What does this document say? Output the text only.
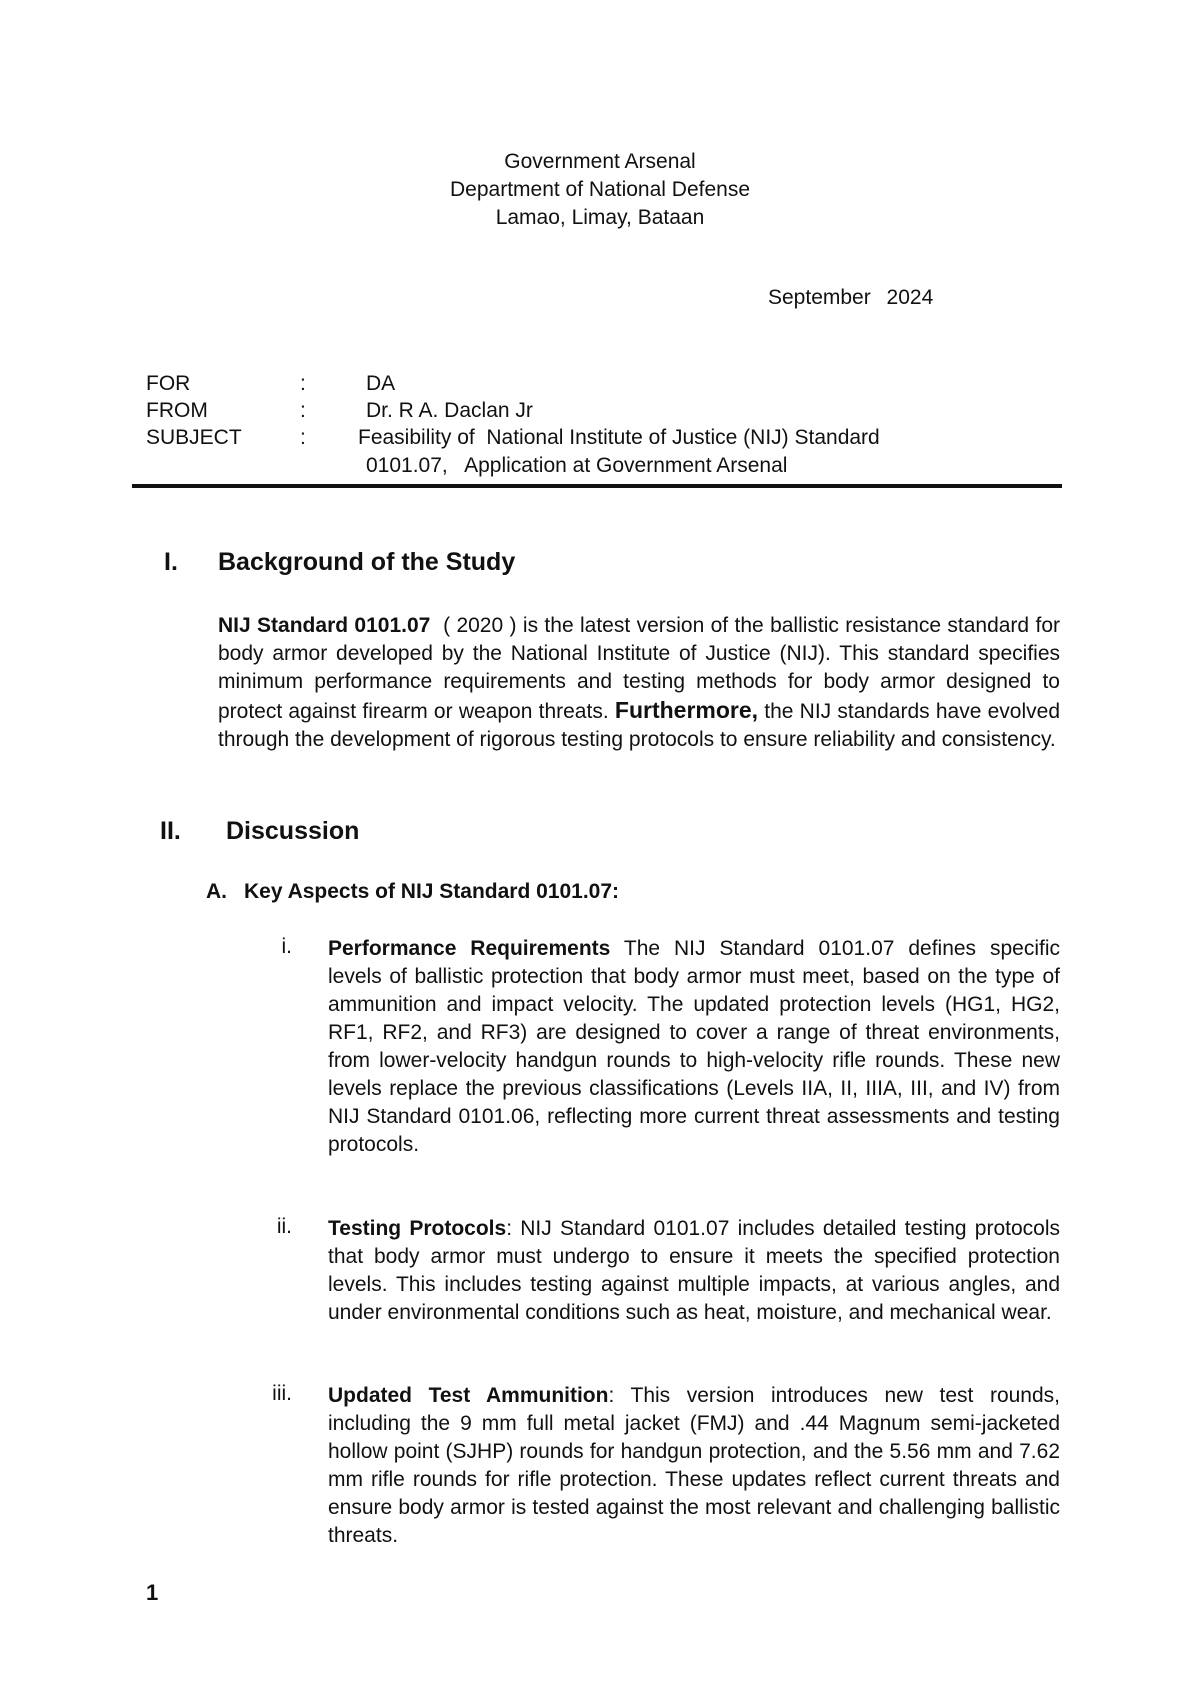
Government Arsenal
Department of National Defense
Lamao, Limay, Bataan
September 2024
FOR	:	DA
FROM	:	Dr. R A. Daclan Jr
SUBJECT	: Feasibility of  National Institute of Justice (NIJ) Standard
0101.07,   Application at Government Arsenal
I. Background of the Study
NIJ Standard 0101.07  ( 2020 ) is the latest version of the ballistic resistance standard for body armor developed by the National Institute of Justice (NIJ). This standard specifies minimum performance requirements and testing methods for body armor designed to protect against firearm or weapon threats. Furthermore, the NIJ standards have evolved through the development of rigorous testing protocols to ensure reliability and consistency.
II. Discussion
A. Key Aspects of NIJ Standard 0101.07:
i. Performance Requirements The NIJ Standard 0101.07 defines specific levels of ballistic protection that body armor must meet, based on the type of ammunition and impact velocity. The updated protection levels (HG1, HG2, RF1, RF2, and RF3) are designed to cover a range of threat environments, from lower-velocity handgun rounds to high-velocity rifle rounds. These new levels replace the previous classifications (Levels IIA, II, IIIA, III, and IV) from NIJ Standard 0101.06, reflecting more current threat assessments and testing protocols.
ii. Testing Protocols: NIJ Standard 0101.07 includes detailed testing protocols that body armor must undergo to ensure it meets the specified protection levels. This includes testing against multiple impacts, at various angles, and under environmental conditions such as heat, moisture, and mechanical wear.
iii. Updated Test Ammunition: This version introduces new test rounds, including the 9 mm full metal jacket (FMJ) and .44 Magnum semi-jacketed hollow point (SJHP) rounds for handgun protection, and the 5.56 mm and 7.62 mm rifle rounds for rifle protection. These updates reflect current threats and ensure body armor is tested against the most relevant and challenging ballistic threats.
1
